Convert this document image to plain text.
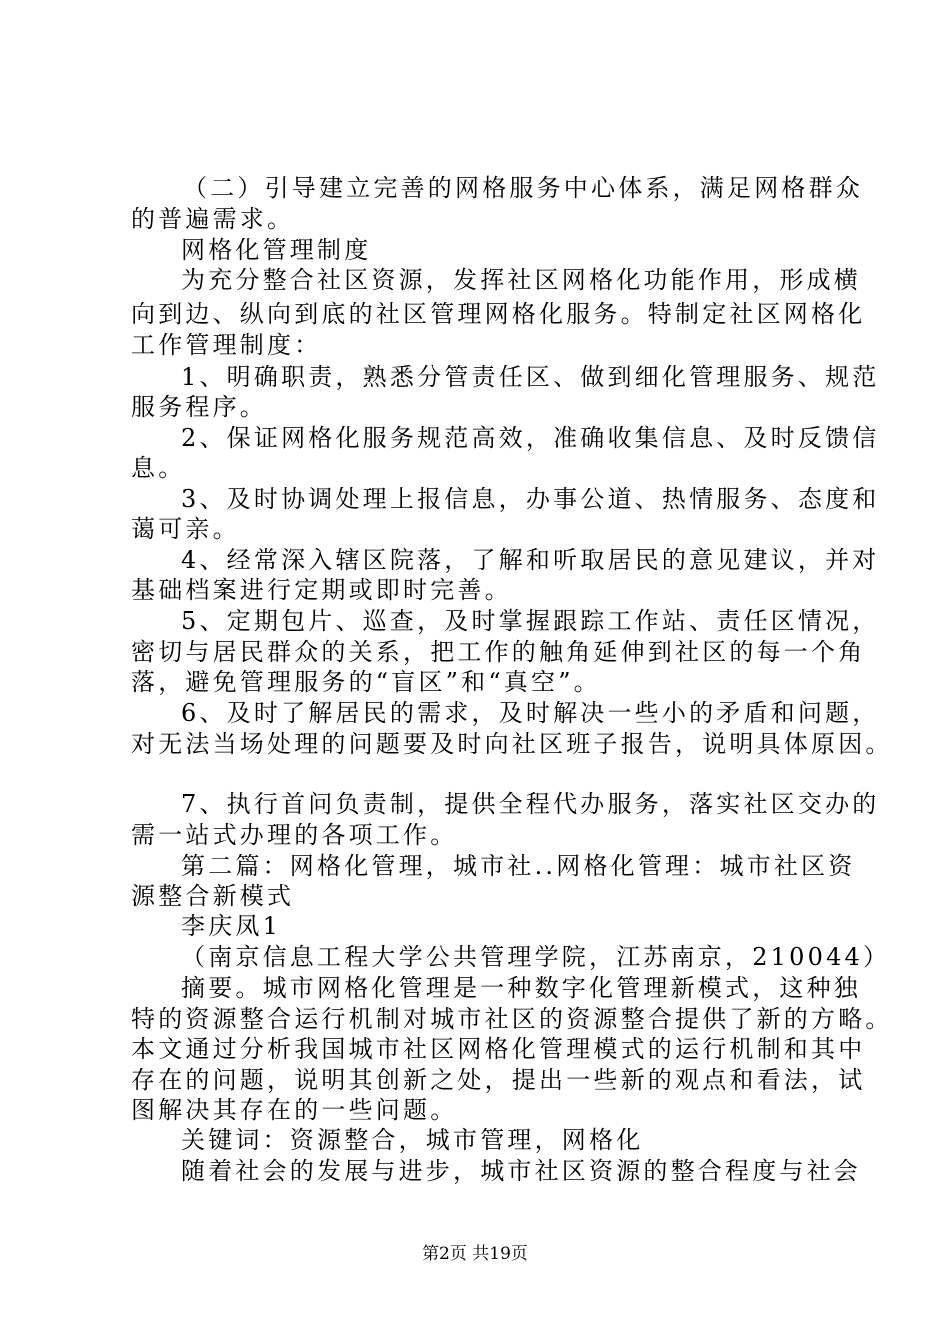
（二）引导建立完善的网格服务中心体系，满足网格群众
的普遍需求。
网格化管理制度
为充分整合社区资源，发挥社区网格化功能作用，形成横
向到边、纵向到底的社区管理网格化服务。特制定社区网格化
工作管理制度：
1、明确职责，熟悉分管责任区、做到细化管理服务、规范
服务程序。
2、保证网格化服务规范高效，准确收集信息、及时反馈信
息。
3、及时协调处理上报信息，办事公道、热情服务、态度和
蔼可亲。
4、经常深入辖区院落，了解和听取居民的意见建议，并对
基础档案进行定期或即时完善。
5、定期包片、巡查，及时掌握跟踪工作站、责任区情况，
密切与居民群众的关系，把工作的触角延伸到社区的每一个角
落，避免管理服务的“盲区”和“真空”。
6、及时了解居民的需求，及时解决一些小的矛盾和问题，
对无法当场处理的问题要及时向社区班子报告，说明具体原因。
7、执行首问负责制，提供全程代办服务，落实社区交办的
需一站式办理的各项工作。
第二篇：网格化管理，城市社..网格化管理：城市社区资
源整合新模式
李庆凤1
（南京信息工程大学公共管理学院，江苏南京，210044）
摘要。城市网格化管理是一种数字化管理新模式，这种独
特的资源整合运行机制对城市社区的资源整合提供了新的方略。
本文通过分析我国城市社区网格化管理模式的运行机制和其中
存在的问题，说明其创新之处，提出一些新的观点和看法，试
图解决其存在的一些问题。
关键词：资源整合，城市管理，网格化
随着社会的发展与进步，城市社区资源的整合程度与社会
第2页 共19页
